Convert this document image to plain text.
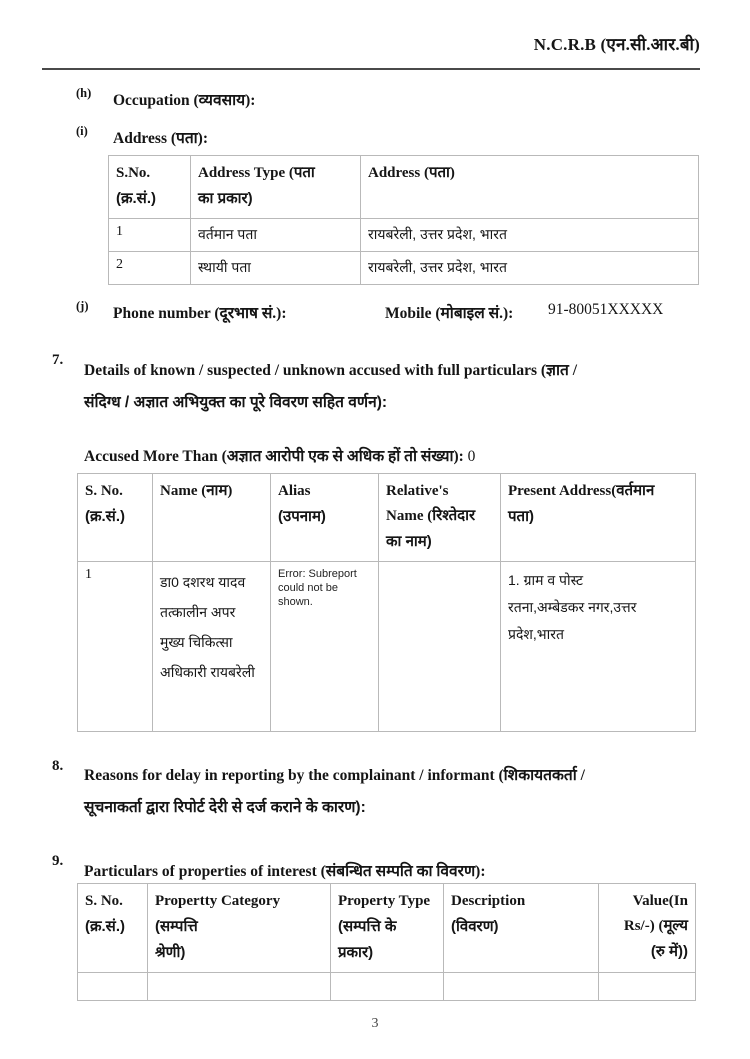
N.C.R.B (एन.सी.आर.बी)
(h) Occupation (व्यवसाय):
(i) Address (पता):
S.No.
(क्र.सं.)	Address Type (पता
का प्रकार)	Address (पता)
1	वर्तमान पता	रायबरेली, उत्तर प्रदेश, भारत
2	स्थायी पता	रायबरेली, उत्तर प्रदेश, भारत
(j) Phone number (दूरभाष सं.):	Mobile (मोबाइल सं.): 91-80051XXXXX
7.
Details of known / suspected / unknown accused with full particulars (ज्ञात /
संदिग्ध / अज्ञात अभियुक्त का पूरे विवरण सहित वर्णन):
Accused More Than (अज्ञात आरोपी एक से अधिक हों तो संख्या): 0
S. No.
(क्र.सं.)	Name (नाम)	Alias
(उपनाम)	Relative's
Name (रिश्तेदार
का नाम)	Present Address(वर्तमान
पता)
1	डा0 दशरथ यादव तत्कालीन अपर मुख्य चिकित्सा अधिकारी रायबरेली	Error: Subreport could not be shown.		1. ग्राम व पोस्ट
रतना,अम्बेडकर नगर,उत्तर
प्रदेश,भारत
8.
Reasons for delay in reporting by the complainant / informant (शिकायतकर्ता /
सूचनाकर्ता द्वारा रिपोर्ट देरी से दर्ज कराने के कारण):
9.
Particulars of properties of interest (संबन्धित सम्पति का विवरण):
S. No.
(क्र.सं.)	Propertty Category
(सम्पत्ति
श्रेणी)	Property Type
(सम्पत्ति के
प्रकार)	Description
(विवरण)	Value(In
Rs/-) (मूल्य
(रु में))

3
